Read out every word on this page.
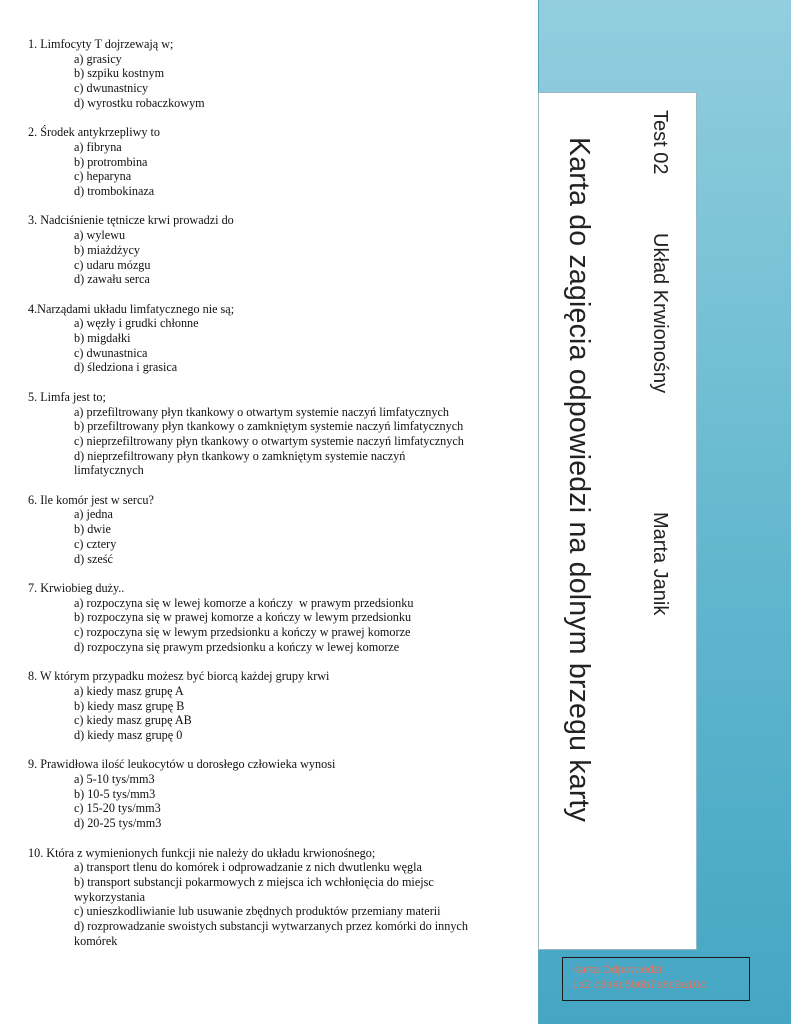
1. Limfocyty T dojrzewają w;
a) grasicy
b) szpiku kostnym
c) dwunastnicy
d) wyrostku robaczkowym
2. Środek antykrzepliwy to
a) fibryna
b) protrombina
c) heparyna
d) trombokinaza
3. Nadciśnienie tętnicze krwi prowadzi do
a) wylewu
b) miażdżycy
c) udaru mózgu
d) zawału serca
4.Narządami układu limfatycznego nie są;
a) węzły i grudki chłonne
b) migdałki
c) dwunastnica
d) śledziona i grasica
5. Limfa jest to;
a) przefiltrowany płyn tkankowy o otwartym systemie naczyń limfatycznych
b) przefiltrowany płyn tkankowy o zamkniętym systemie naczyń limfatycznych
c) nieprzefiltrowany płyn tkankowy o otwartym systemie naczyń limfatycznych
d) nieprzefiltrowany płyn tkankowy o zamkniętym systemie naczyń limfatycznych
6. Ile komór jest w sercu?
a) jedna
b) dwie
c) cztery
d) sześć
7. Krwiobieg duży..
a) rozpoczyna się w lewej komorze a kończy  w prawym przedsionku
b) rozpoczyna się w prawej komorze a kończy w lewym przedsionku
c) rozpoczyna się w lewym przedsionku a kończy w prawej komorze
d) rozpoczyna się prawym przedsionku a kończy w lewej komorze
8. W którym przypadku możesz być biorcą każdej grupy krwi
a) kiedy masz grupę A
b) kiedy masz grupę B
c) kiedy masz grupę AB
d) kiedy masz grupę 0
9. Prawidłowa ilość leukocytów u dorosłego człowieka wynosi
a) 5-10 tys/mm3
b) 10-5 tys/mm3
c) 15-20 tys/mm3
d) 20-25 tys/mm3
10. Która z wymienionych funkcji nie należy do układu krwionośnego;
a) transport tlenu do komórek i odprowadzanie z nich dwutlenku węgla
b) transport substancji pokarmowych z miejsca ich wchłonięcia do miejsc wykorzystania
c) unieszkodliwianie lub usuwanie zbędnych produktów przemiany materii
d) rozprowadzanie swoistych substancji wytwarzanych przez komórki do innych komórek
Karta do zagięcia odpowiedzi na dolnym brzegu karty	Test 02
Układ Krwionośny
Marta Janik
Karta Odpowiedzi
1a2 c3a4c5b6b7a8c9a10c
